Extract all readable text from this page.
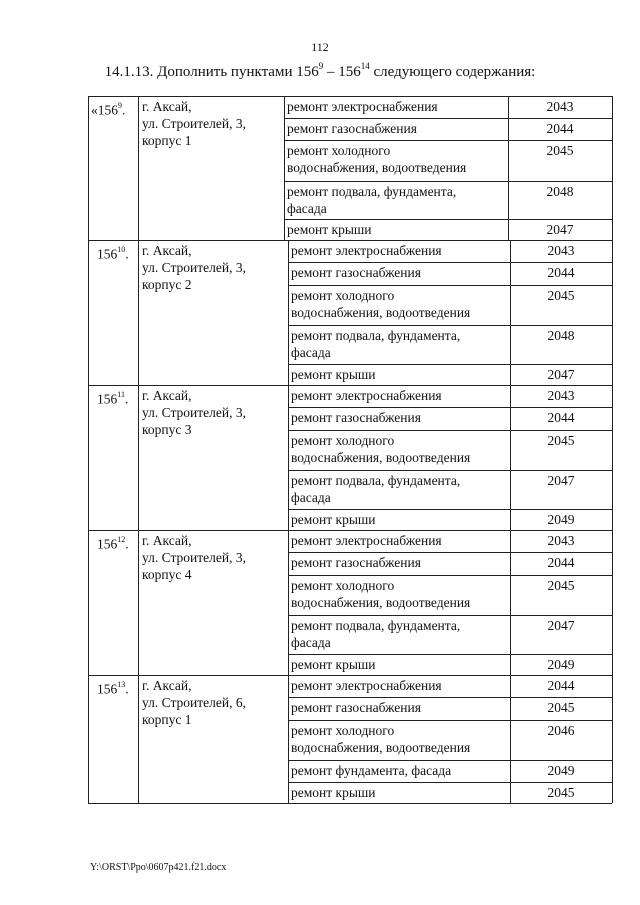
112
14.1.13. Дополнить пунктами $156^9 - 156^{14}$ следующего содержания:
«$156^9$. г. Аксай,
ул. Строителей, 3,
корпус 1
ремонт электроснабжения	2043
ремонт газоснабжения	2044
ремонт холодного
водоснабжения, водоотведения
2045
ремонт подвала, фундамента,
фасада
2048
ремонт крыши	2047
$156^{10}$. г. Аксай,
ул. Строителей, 3,
корпус 2
ремонт электроснабжения	2043
ремонт газоснабжения	2044
ремонт холодного
водоснабжения, водоотведения
2045
ремонт подвала, фундамента,
фасада
2048
ремонт крыши	2047
$156^{11}$. г. Аксай,
ул. Строителей, 3,
корпус 3
ремонт электроснабжения	2043
ремонт газоснабжения	2044
ремонт холодного
водоснабжения, водоотведения
2045
ремонт подвала, фундамента,
фасада
2047
ремонт крыши	2049
$156^{12}$. г. Аксай,
ул. Строителей, 3,
корпус 4
ремонт электроснабжения	2043
ремонт газоснабжения	2044
ремонт холодного
водоснабжения, водоотведения
2045
ремонт подвала, фундамента,
фасада
2047
ремонт крыши	2049
$156^{13}$. г. Аксай,
ул. Строителей, 6,
корпус 1
ремонт электроснабжения	2044
ремонт газоснабжения	2045
ремонт холодного
водоснабжения, водоотведения
2046
ремонт фундамента, фасада	2049
ремонт крыши	2045
Y:\ORST\Ppo\0607p421.f21.docx
